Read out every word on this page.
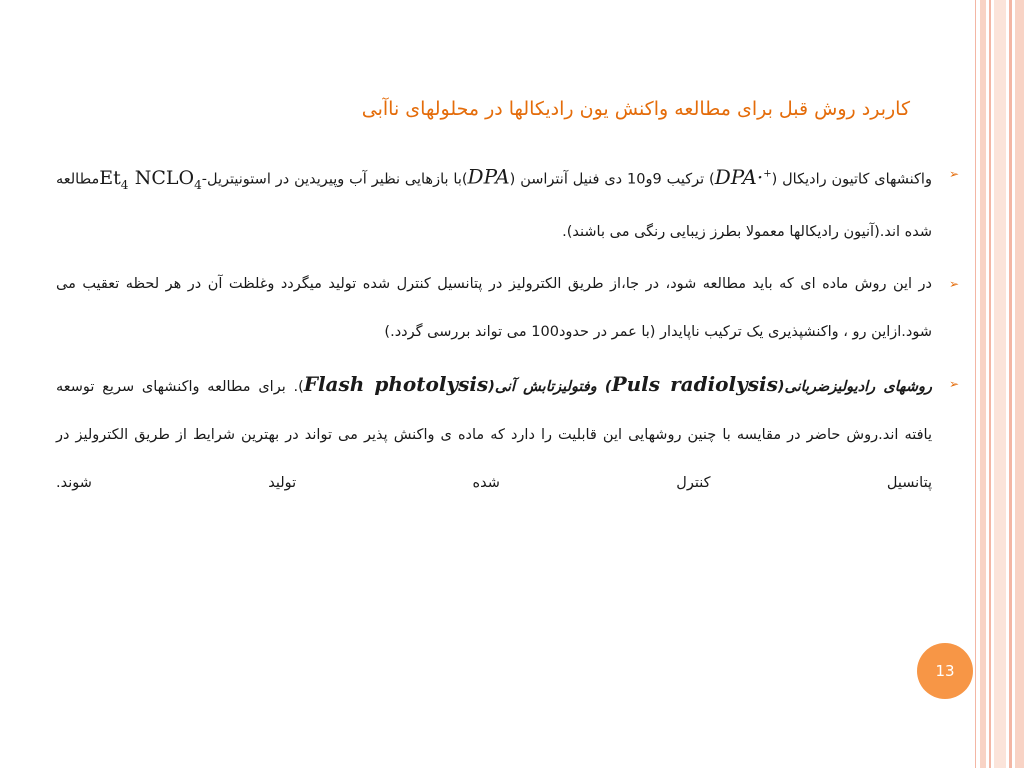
کاربرد روش قبل برای مطالعه واکنش یون رادیکالها در محلولهای ناآبی

➢
واکنشهای کاتیون رادیکال (DPA·+) ترکیب 9و10 دی فنیل آنتراسن (DPA)با بازهایی نظیر آب وپیریدین در استونیتریل-$Et_4$ $NCLO_4مطالعه$ شده اند.(آنیون رادیکالها معمولا بطرز زیبایی رنگی می باشند).

➢
در این روش ماده ای که باید مطالعه شود، در جا،از طریق الکترولیز در پتانسیل کنترل شده تولید میگردد وغلظت آن در هر لحظه تعقیب می شود.ازاین رو ، واکنشپذیری یک ترکیب ناپایدار (با عمر در حدود100 می تواند بررسی گردد.)

➢
روشهای رادیولیزضربانی(Puls radiolysis) وفتولیزتابش آنی(Flash photolysis). برای مطالعه واکنشهای سریع توسعه یافته اند.روش حاضر در مقایسه با چنین روشهایی این قابلیت را دارد که ماده ی واکنش پذیر می تواند در بهترین شرایط از طریق الکترولیز در پتانسیل کنترل شده تولید شوند.

13
